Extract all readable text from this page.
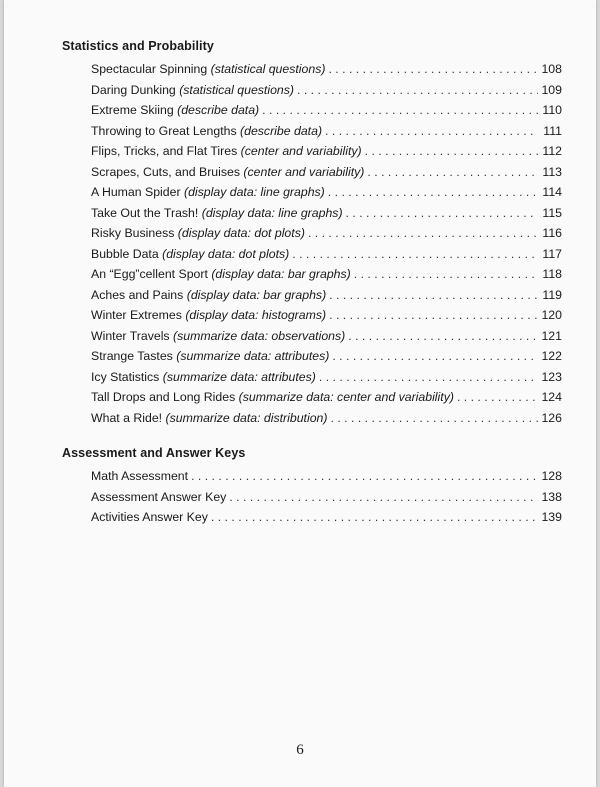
Statistics and Probability
Spectacular Spinning (statistical questions) . . .	108
Daring Dunking (statistical questions) . . .	109
Extreme Skiing (describe data) . . .	110
Throwing to Great Lengths (describe data) . . .	111
Flips, Tricks, and Flat Tires (center and variability) . . .	112
Scrapes, Cuts, and Bruises (center and variability) . . .	113
A Human Spider (display data: line graphs) . . .	114
Take Out the Trash! (display data: line graphs) . . .	115
Risky Business (display data: dot plots) . . .	116
Bubble Data (display data: dot plots) . . .	117
An “Egg”cellent Sport (display data: bar graphs) . . .	118
Aches and Pains (display data: bar graphs) . . .	119
Winter Extremes (display data: histograms) . . .	120
Winter Travels (summarize data: observations) . . .	121
Strange Tastes (summarize data: attributes) . . .	122
Icy Statistics (summarize data: attributes) . . .	123
Tall Drops and Long Rides (summarize data: center and variability) . . .	124
What a Ride! (summarize data: distribution) . . .	126
Assessment and Answer Keys
Math Assessment . . .	128
Assessment Answer Key . . .	138
Activities Answer Key . . .	139
6
